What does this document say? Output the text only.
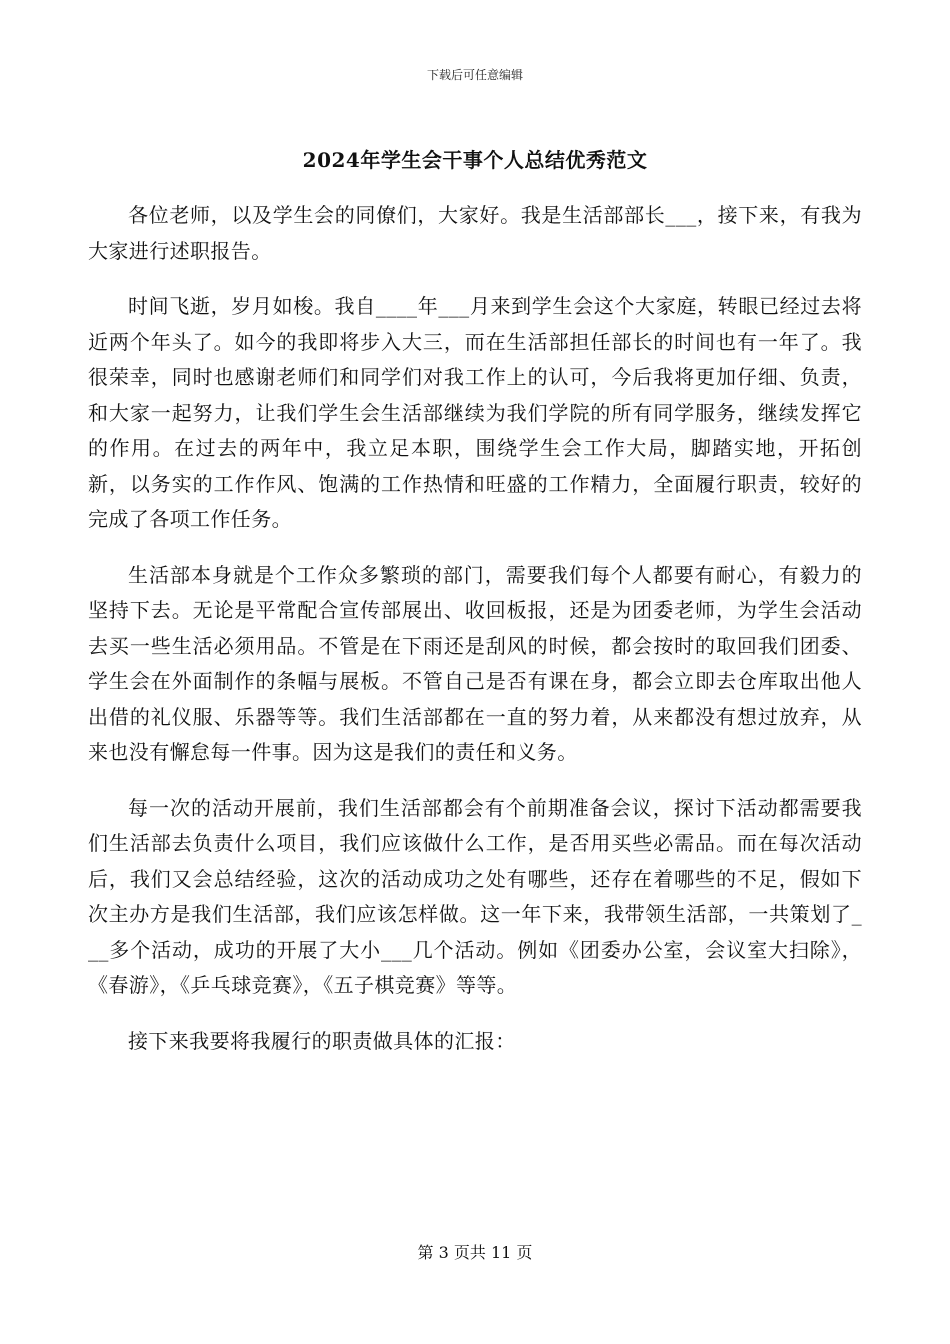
下载后可任意编辑
2024年学生会干事个人总结优秀范文

各位老师，以及学生会的同僚们，大家好。我是生活部部长___，接下来，有我为大家进行述职报告。

时间飞逝，岁月如梭。我自____年___月来到学生会这个大家庭，转眼已经过去将近两个年头了。如今的我即将步入大三，而在生活部担任部长的时间也有一年了。我很荣幸，同时也感谢老师们和同学们对我工作上的认可，今后我将更加仔细、负责，和大家一起努力，让我们学生会生活部继续为我们学院的所有同学服务，继续发挥它的作用。在过去的两年中，我立足本职，围绕学生会工作大局，脚踏实地，开拓创新，以务实的工作作风、饱满的工作热情和旺盛的工作精力，全面履行职责，较好的完成了各项工作任务。

生活部本身就是个工作众多繁琐的部门，需要我们每个人都要有耐心，有毅力的坚持下去。无论是平常配合宣传部展出、收回板报，还是为团委老师，为学生会活动去买一些生活必须用品。不管是在下雨还是刮风的时候，都会按时的取回我们团委、学生会在外面制作的条幅与展板。不管自己是否有课在身，都会立即去仓库取出他人出借的礼仪服、乐器等等。我们生活部都在一直的努力着，从来都没有想过放弃，从来也没有懈怠每一件事。因为这是我们的责任和义务。

每一次的活动开展前，我们生活部都会有个前期准备会议，探讨下活动都需要我们生活部去负责什么项目，我们应该做什么工作，是否用买些必需品。而在每次活动后，我们又会总结经验，这次的活动成功之处有哪些，还存在着哪些的不足，假如下次主办方是我们生活部，我们应该怎样做。这一年下来，我带领生活部，一共策划了___多个活动，成功的开展了大小___几个活动。例如《团委办公室，会议室大扫除》，《春游》，《乒乓球竞赛》，《五子棋竞赛》等等。

接下来我要将我履行的职责做具体的汇报：

第 3 页共 11 页
